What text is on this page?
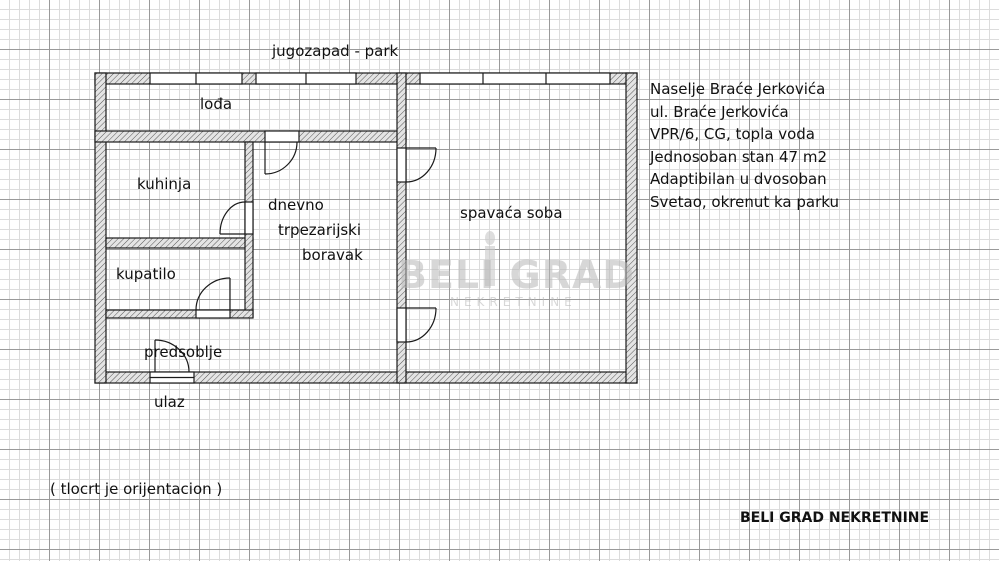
BELI GRAD
NEKRETNINE
jugozapad - park
lođa
kuhinja
dnevno
trpezarijski
boravak
spavaća soba
kupatilo
predsoblje
ulaz
Naselje Braće Jerkovića
ul. Braće Jerkovića
VPR/6, CG, topla voda
Jednosoban stan 47 m2
Adaptibilan u dvosoban
Svetao, okrenut ka parku
( tlocrt je orijentacion )
BELI GRAD NEKRETNINE
